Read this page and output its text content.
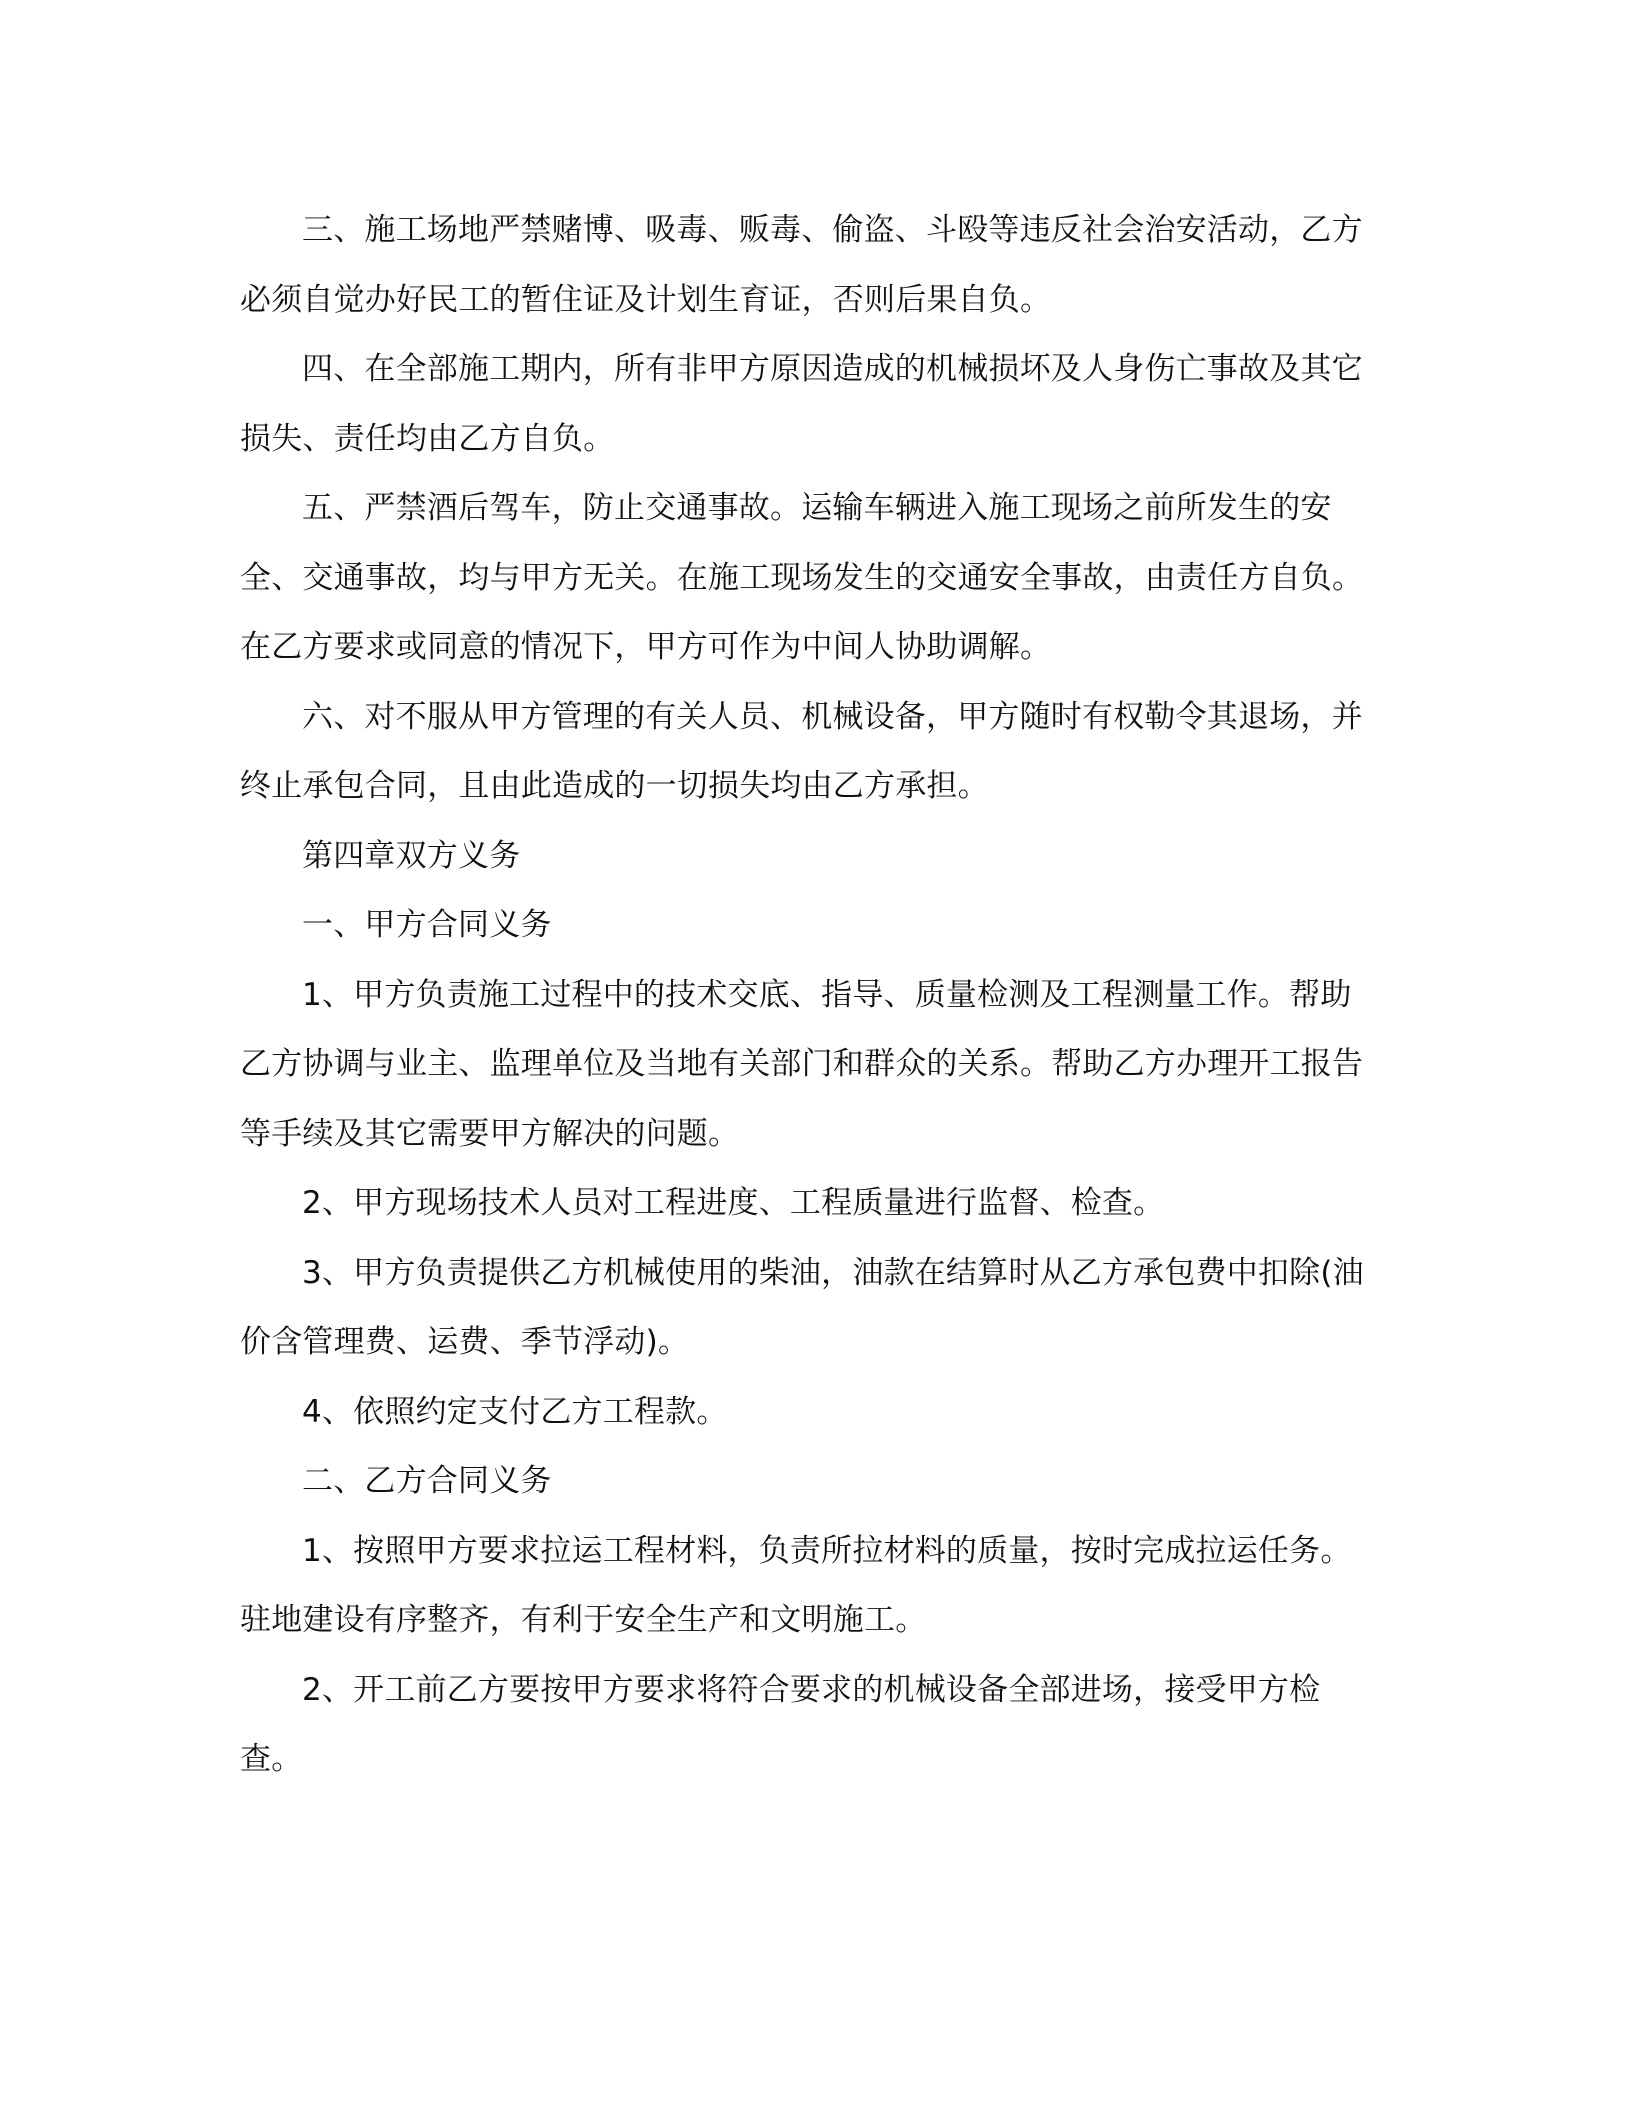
三、施工场地严禁赌博、吸毒、贩毒、偷盗、斗殴等违反社会治安活动，乙方必须自觉办好民工的暂住证及计划生育证，否则后果自负。

四、在全部施工期内，所有非甲方原因造成的机械损坏及人身伤亡事故及其它损失、责任均由乙方自负。

五、严禁酒后驾车，防止交通事故。运输车辆进入施工现场之前所发生的安全、交通事故，均与甲方无关。在施工现场发生的交通安全事故，由责任方自负。在乙方要求或同意的情况下，甲方可作为中间人协助调解。

六、对不服从甲方管理的有关人员、机械设备，甲方随时有权勒令其退场，并终止承包合同，且由此造成的一切损失均由乙方承担。

第四章双方义务

一、甲方合同义务

1、甲方负责施工过程中的技术交底、指导、质量检测及工程测量工作。帮助乙方协调与业主、监理单位及当地有关部门和群众的关系。帮助乙方办理开工报告等手续及其它需要甲方解决的问题。

2、甲方现场技术人员对工程进度、工程质量进行监督、检查。

3、甲方负责提供乙方机械使用的柴油，油款在结算时从乙方承包费中扣除(油价含管理费、运费、季节浮动)。

4、依照约定支付乙方工程款。

二、乙方合同义务

1、按照甲方要求拉运工程材料，负责所拉材料的质量，按时完成拉运任务。驻地建设有序整齐，有利于安全生产和文明施工。

2、开工前乙方要按甲方要求将符合要求的机械设备全部进场，接受甲方检查。
